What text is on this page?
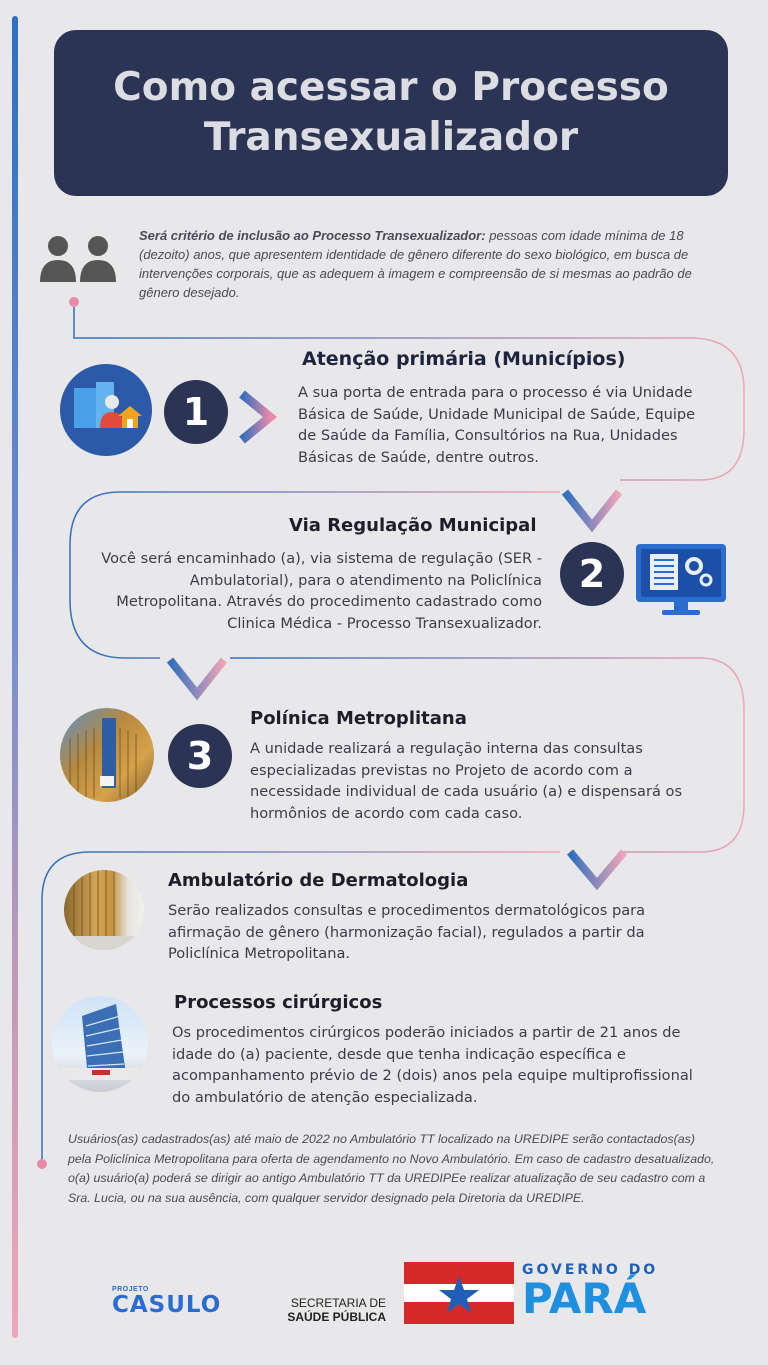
Como acessar o Processo Transexualizador
Será critério de inclusão ao Processo Transexualizador: pessoas com idade mínima de 18 (dezoito) anos, que apresentem identidade de gênero diferente do sexo biológico, em busca de intervenções corporais, que as adequem à imagem e compreensão de si mesmas ao padrão de gênero desejado.
1
Atenção primária (Municípios)
A sua porta de entrada para o processo é via Unidade Básica de Saúde, Unidade Municipal de Saúde, Equipe de Saúde da Família, Consultórios na Rua, Unidades Básicas de Saúde, dentre outros.
Via Regulação Municipal
Você será encaminhado (a), via sistema de regulação (SER - Ambulatorial), para o atendimento na Policlínica Metropolitana. Através do procedimento cadastrado como Clinica Médica - Processo Transexualizador.
2
3
Polínica Metroplitana
A unidade realizará a regulação interna das consultas especializadas previstas no Projeto de acordo com a necessidade individual de cada usuário (a) e dispensará os hormônios de acordo com cada caso.
Ambulatório de Dermatologia
Serão realizados consultas e procedimentos dermatológicos para afirmação de gênero (harmonização facial), regulados a partir da Policlínica Metropolitana.
Processos cirúrgicos
Os procedimentos cirúrgicos poderão iniciados a partir de 21 anos de idade do (a) paciente, desde que tenha indicação específica e acompanhamento prévio de 2 (dois) anos pela equipe multiprofissional do ambulatório de atenção especializada.
Usuários(as) cadastrados(as) até maio de 2022 no Ambulatório TT localizado na UREDIPE serão contactados(as) pela Policlínica Metropolitana para oferta de agendamento no Novo Ambulatório. Em caso de cadastro desatualizado, o(a) usuário(a) poderá se dirigir ao antigo Ambulatório TT da UREDIPEe realizar atualização de seu cadastro com a Sra. Lucia, ou na sua ausência, com qualquer servidor designado pela Diretoria da UREDIPE.
PROJETO
CASULO	SECRETARIA DE
SAÚDE PÚBLICA
GOVERNO DO
PARÁ
